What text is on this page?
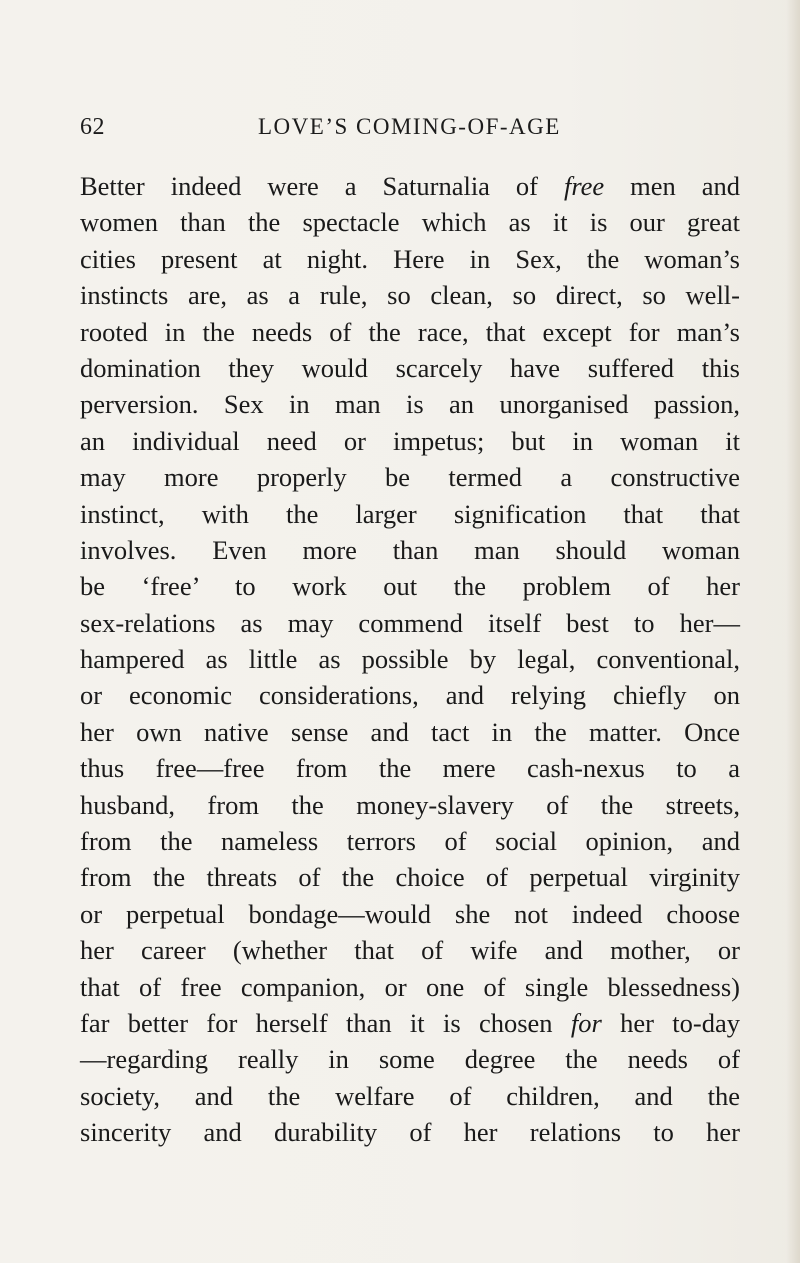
62	LOVE’S COMING-OF-AGE
Better indeed were a Saturnalia of free men and
women than the spectacle which as it is our great
cities present at night. Here in Sex, the woman’s
instincts are, as a rule, so clean, so direct, so well-
rooted in the needs of the race, that except for man’s
domination they would scarcely have suffered this
perversion. Sex in man is an unorganised passion,
an individual need or impetus; but in woman it
may more properly be termed a constructive
instinct, with the larger signification that that
involves. Even more than man should woman
be ‘free’ to work out the problem of her
sex-relations as may commend itself best to her—
hampered as little as possible by legal, conventional,
or economic considerations, and relying chiefly on
her own native sense and tact in the matter. Once
thus free—free from the mere cash-nexus to a
husband, from the money-slavery of the streets,
from the nameless terrors of social opinion, and
from the threats of the choice of perpetual virginity
or perpetual bondage—would she not indeed choose
her career (whether that of wife and mother, or
that of free companion, or one of single blessedness)
far better for herself than it is chosen for her to-day
—regarding really in some degree the needs of
society, and the welfare of children, and the
sincerity and durability of her relations to her
